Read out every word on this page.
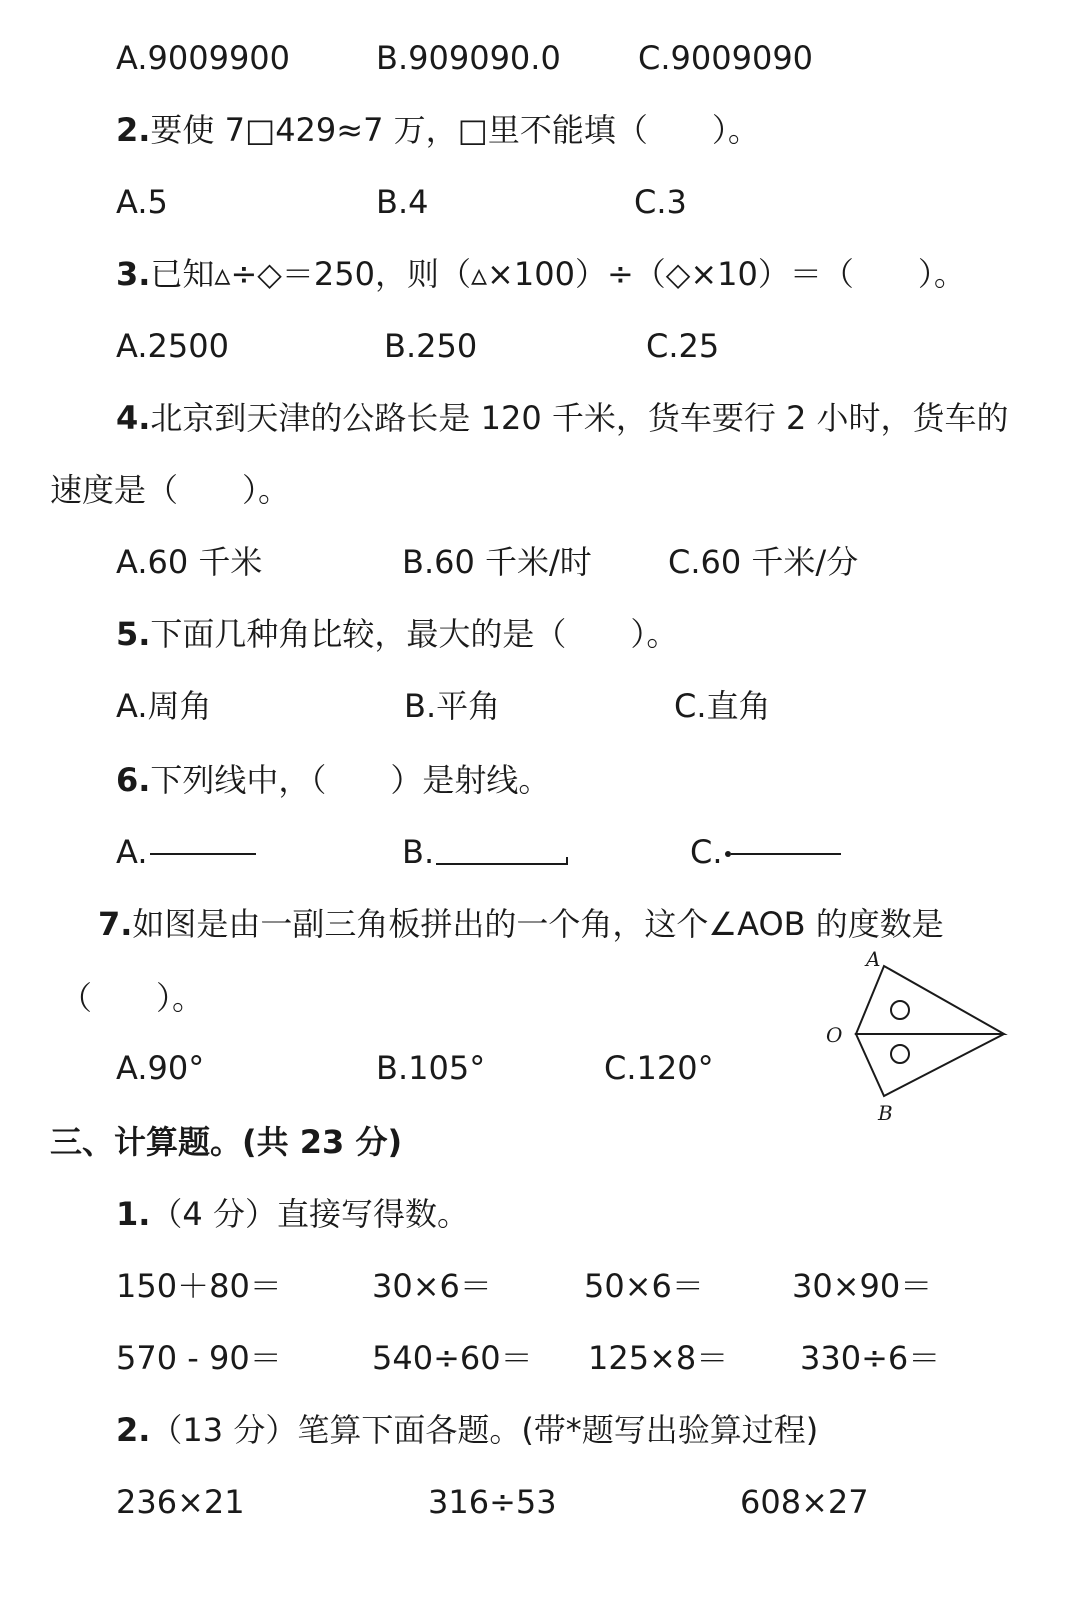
A.9009900	B.909090.0 C.9009090
2.要使 7□429≈7 万，□里不能填（　　）。
A.5	B.4	C.3
3.已知▵÷◇＝250，则（▵×100）÷（◇×10）＝（　　）。
A.2500	B.250	C.25
4.北京到天津的公路长是 120 千米，货车要行 2 小时，货车的
速度是（　　）。
A.60 千米	B.60 千米/时 C.60 千米/分
5.下面几种角比较，最大的是（　　）。
A.周角	B.平角	C.直角
6.下列线中，（　　）是射线。
A.	B.	C.
7.如图是由一副三角板拼出的一个角，这个∠AOB 的度数是
（　　）。
A.90°	B.105°	C.120°
A
O
B
三、计算题。(共 23 分)
1.（4 分）直接写得数。
150＋80＝	30×6＝	50×6＝	30×90＝
570 - 90＝	540÷60＝ 125×8＝ 330÷6＝
2.（13 分）笔算下面各题。(带*题写出验算过程)
236×21	316÷53	608×27
